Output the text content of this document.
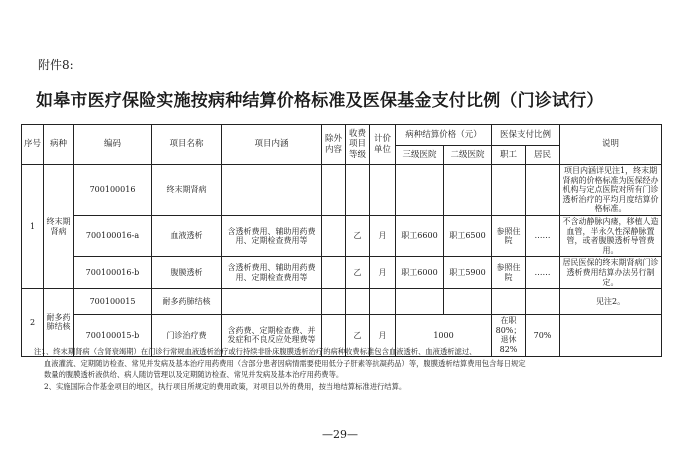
附件8:
如皋市医疗保险实施按病种结算价格标准及医保基金支付比例（门诊试行）
序号	病种	编码	项目名称	项目内涵	除外内容	收费项目等级	计价单位	病种结算价格（元）		医保支付比例		说明
								三级医院	二级医院	职工	居民	
1	终末期肾病	700100016	终末期肾病									项目内涵详见注1，终末期肾病的价格标准为医保经办机构与定点医院对所有门诊透析治疗的平均月度结算价格标准。
		700100016-a	血液透析	含透析费用、辅助用药费用、定期检查费用等		乙	月	职工6600	职工6500	参照住院	……	不含动静脉内瘘，移植人造血管，半永久性深静脉置管，或者腹膜透析导管费用。
		700100016-b	腹膜透析	含透析费用、辅助用药费用、定期检查费用等		乙	月	职工6000	职工5900	参照住院	……	居民医保的终末期肾病门诊透析费用结算办法另行制定。
2	耐多药肺结核	700100015	耐多药肺结核									见注2。
		700100015-b	门诊治疗费	含药费、定期检查费、并发症和不良反应处理费等		乙	月	1000		在职80%；退休82%	70%	

注1、终末期肾病（含肾衰竭期）在门诊行常规血液透析治疗或行持续非卧床腹膜透析治疗的病种收费标准包含血液透析、血液透析滤过、

血液灌流、定期随访检查、常见并发病及基本治疗用药费用（含部分患者因病情需要使用低分子肝素等抗凝药品）等，腹膜透析结算费用包含每日规定

数量的腹膜透析液供给、病人随访管理以及定期随访检查、常见并发病及基本治疗用药费等。

2、实施国际合作基金项目的地区，执行项目所规定的费用政策，对项目以外的费用，按当地结算标准进行结算。

—29—
